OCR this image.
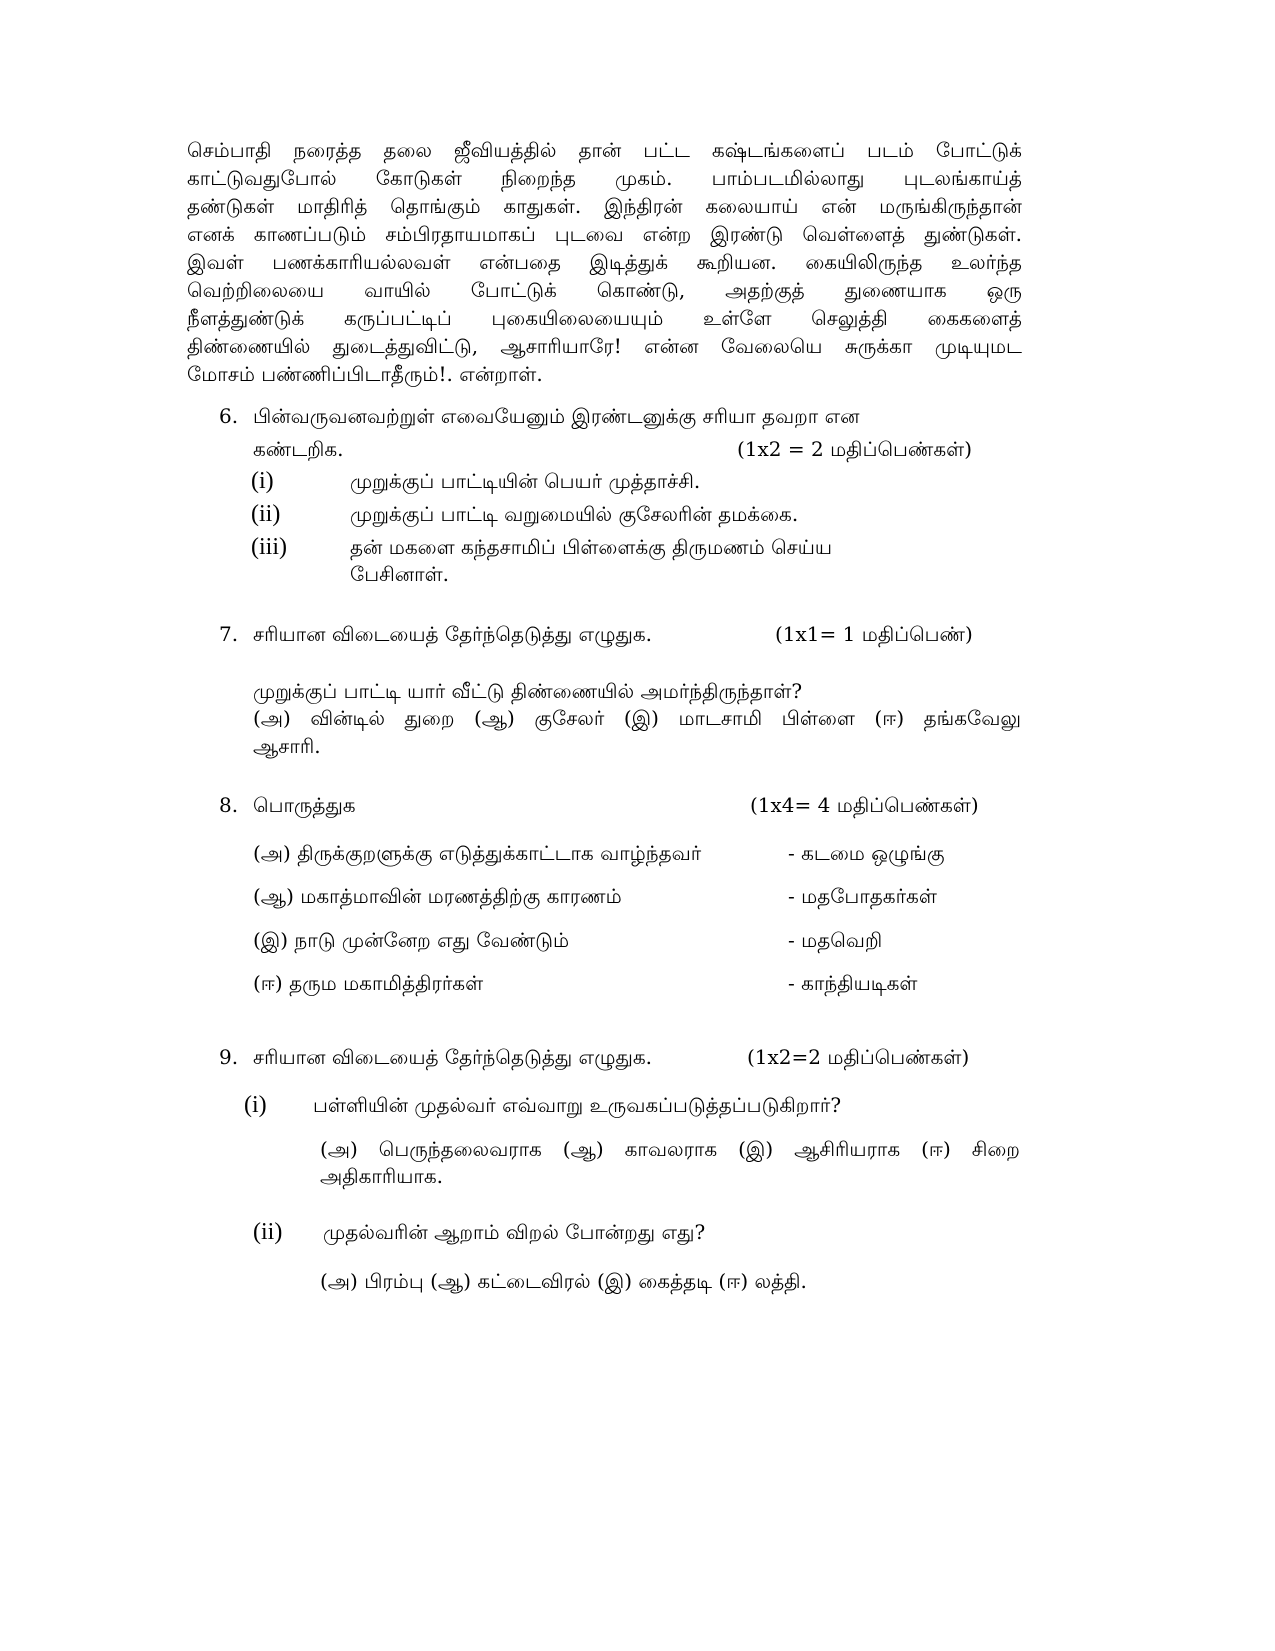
செம்பாதி நரைத்த தலை ஜீவியத்தில் தான் பட்ட கஷ்டங்களைப் படம் போட்டுக்
காட்டுவதுபோல் கோடுகள் நிறைந்த முகம். பாம்படமில்லாது புடலங்காய்த்
தண்டுகள் மாதிரித் தொங்கும் காதுகள். இந்திரன் கலையாய் என் மருங்கிருந்தான்
எனக் காணப்படும் சம்பிரதாயமாகப் புடவை என்ற இரண்டு வெள்ளைத் துண்டுகள்.
இவள் பணக்காரியல்லவள் என்பதை இடித்துக் கூறியன. கையிலிருந்த உலர்ந்த
வெற்றிலையை வாயில் போட்டுக் கொண்டு, அதற்குத் துணையாக ஒரு
நீளத்துண்டுக் கருப்பட்டிப் புகையிலையையும் உள்ளே செலுத்தி கைகளைத்
திண்ணையில் துடைத்துவிட்டு, ஆசாரியாரே! என்ன வேலையெ சுருக்கா முடியுமட
மோசம் பண்ணிப்பிடாதீரும்!. என்றாள்.
6. பின்வருவனவற்றுள் எவையேனும் இரண்டனுக்கு சரியா தவறா என
கண்டறிக.	(1x2 = 2 மதிப்பெண்கள்)
(i)	முறுக்குப் பாட்டியின் பெயர் முத்தாச்சி.
(ii)	முறுக்குப் பாட்டி வறுமையில் குசேலரின் தமக்கை.
(iii)	தன் மகளை கந்தசாமிப் பிள்ளைக்கு திருமணம் செய்ய
பேசினாள்.
7. சரியான விடையைத் தேர்ந்தெடுத்து எழுதுக.	(1x1= 1 மதிப்பெண்)
முறுக்குப் பாட்டி யார் வீட்டு திண்ணையில் அமர்ந்திருந்தாள்?
(அ) வின்டில் துறை (ஆ) குசேலர் (இ) மாடசாமி பிள்ளை (ஈ) தங்கவேலு
ஆசாரி.
8. பொருத்துக	(1x4= 4 மதிப்பெண்கள்)
(அ) திருக்குறளுக்கு எடுத்துக்காட்டாக வாழ்ந்தவர்	- கடமை ஒழுங்கு
(ஆ) மகாத்மாவின் மரணத்திற்கு காரணம்	- மதபோதகர்கள்
(இ) நாடு முன்னேற எது வேண்டும்	- மதவெறி
(ஈ) தரும மகாமித்திரர்கள்	- காந்தியடிகள்
9. சரியான விடையைத் தேர்ந்தெடுத்து எழுதுக.	(1x2=2 மதிப்பெண்கள்)
(i) பள்ளியின் முதல்வர் எவ்வாறு உருவகப்படுத்தப்படுகிறார்?
(அ) பெருந்தலைவராக (ஆ) காவலராக (இ) ஆசிரியராக (ஈ) சிறை
அதிகாரியாக.
(ii) முதல்வரின் ஆறாம் விறல் போன்றது எது?
(அ) பிரம்பு (ஆ) கட்டைவிரல் (இ) கைத்தடி (ஈ) லத்தி.
